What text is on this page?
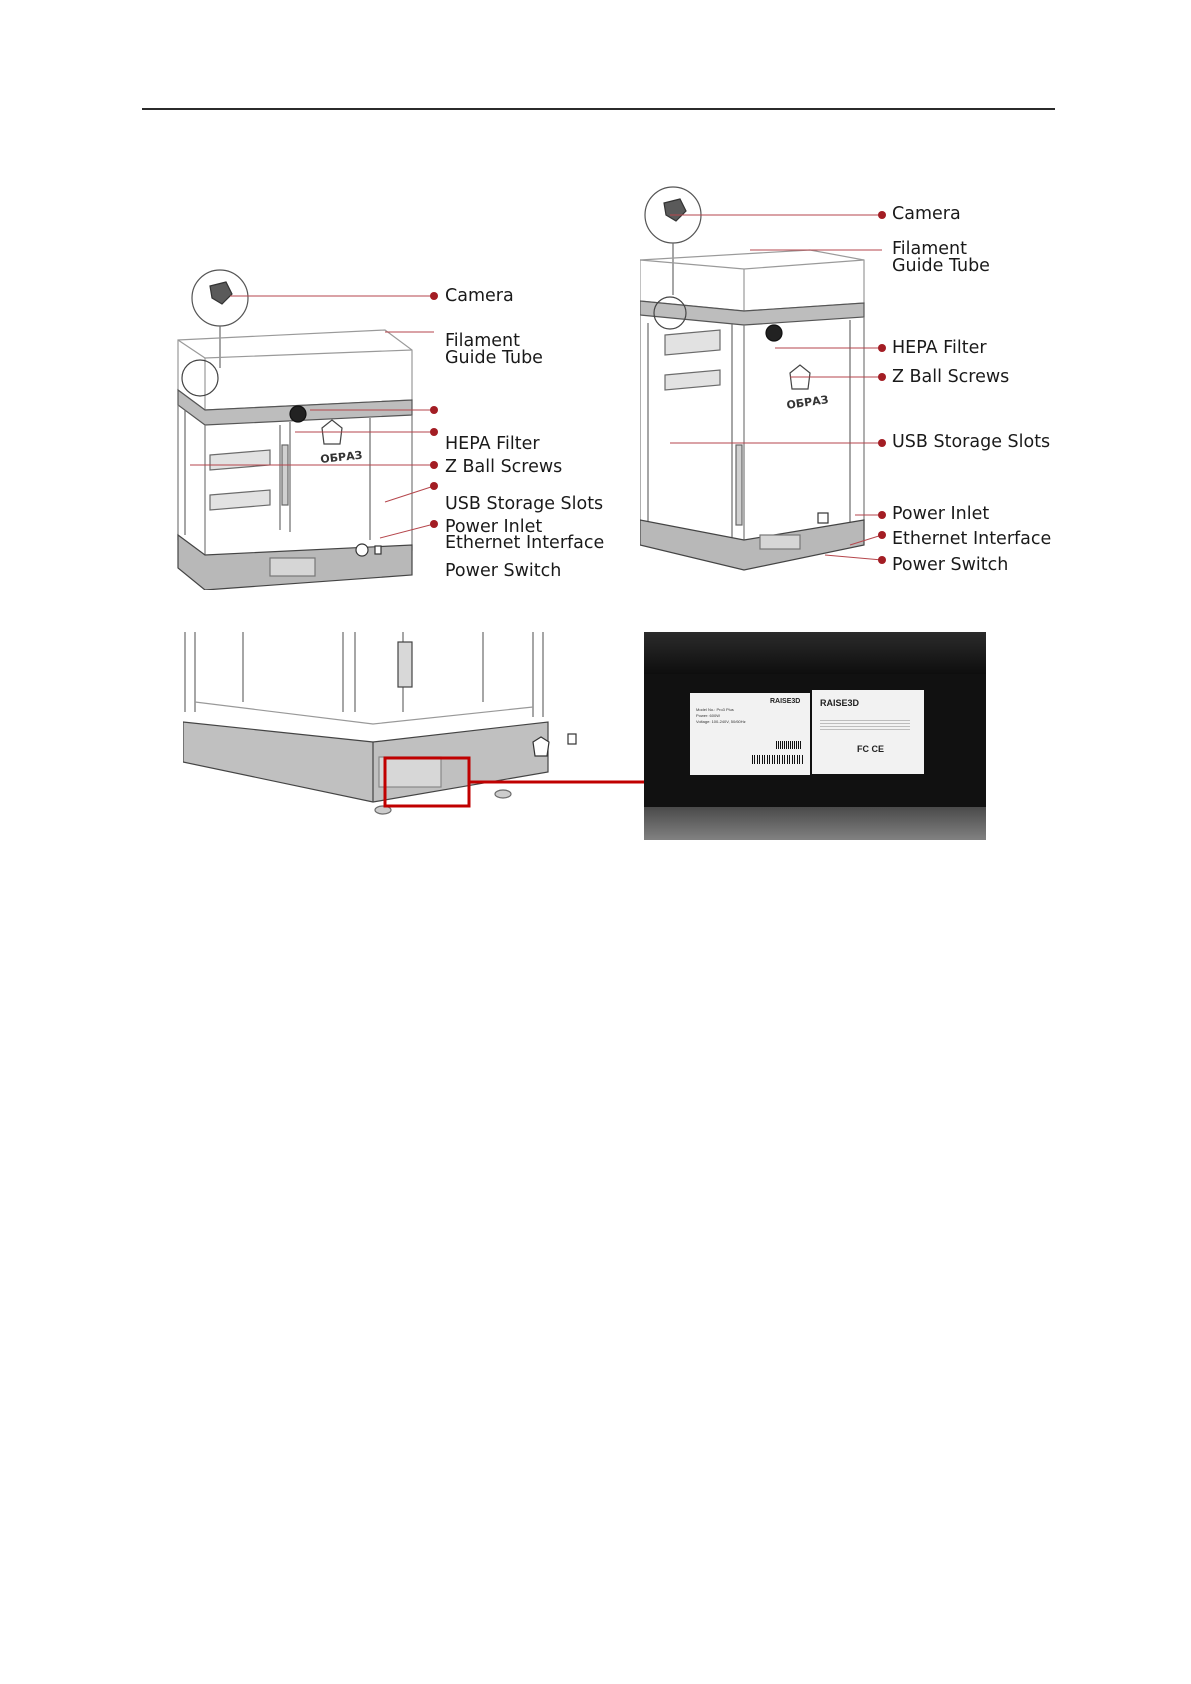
ОБРАЗ
Camera
Filament
Guide Tube
HEPA Filter
Z Ball Screws
USB Storage Slots
Power Inlet
Ethernet Interface
Power Switch
ОБРАЗ
Camera
Filament
Guide Tube
HEPA Filter
Z Ball Screws
USB Storage Slots
Power Inlet
Ethernet Interface
Power Switch
RAISE3D
Model No.: Pro3 Plus
Power: 600W
Voltage: 100-240V, 50/60Hz
RAISE3D
FC CE
